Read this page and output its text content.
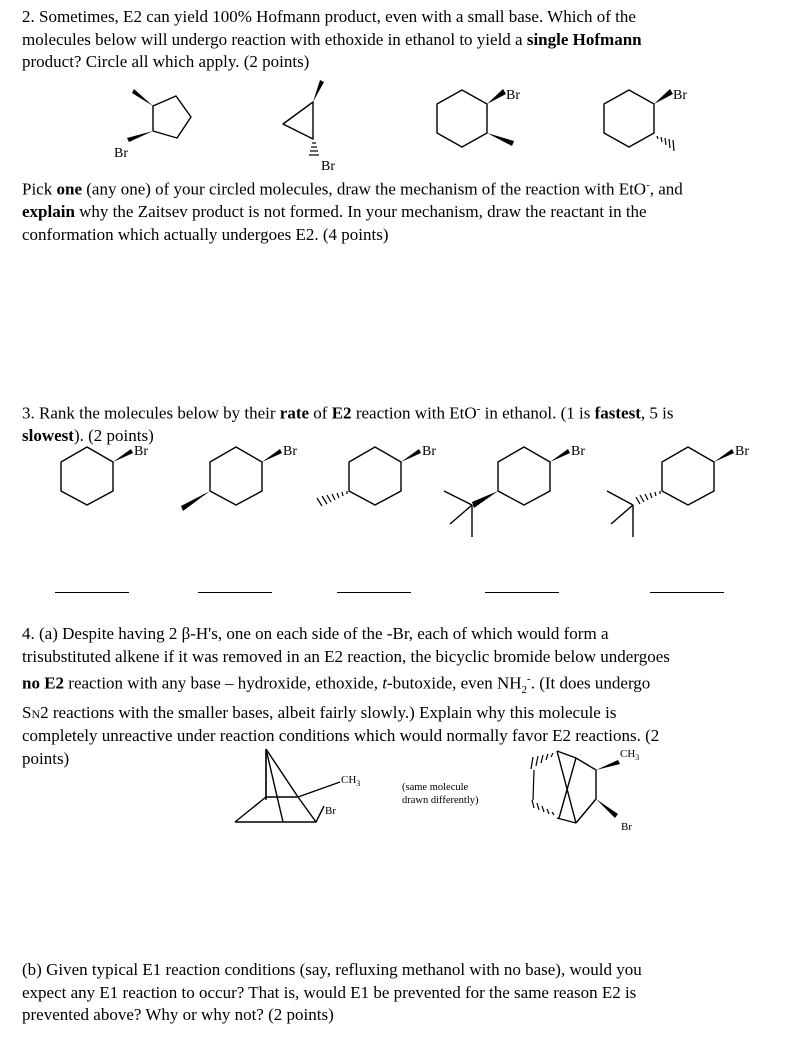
2. Sometimes, E2 can yield 100% Hofmann product, even with a small base. Which of the
molecules below will undergo reaction with ethoxide in ethanol to yield a single Hofmann
product? Circle all which apply. (2 points)
Pick one (any one) of your circled molecules, draw the mechanism of the reaction with EtO-, and
explain why the Zaitsev product is not formed. In your mechanism, draw the reactant in the
conformation which actually undergoes E2. (4 points)
3. Rank the molecules below by their rate of E2 reaction with EtO- in ethanol. (1 is fastest, 5 is
slowest). (2 points)
4. (a) Despite having 2 β-H's, one on each side of the -Br, each of which would form a
trisubstituted alkene if it was removed in an E2 reaction, the bicyclic bromide below undergoes
no E2 reaction with any base – hydroxide, ethoxide, t-butoxide, even $NH_2^-$. (It does undergo
SN2 reactions with the smaller bases, albeit fairly slowly.) Explain why this molecule is
completely unreactive under reaction conditions which would normally favor E2 reactions. (2
points)
(b) Given typical E1 reaction conditions (say, refluxing methanol with no base), would you
expect any E1 reaction to occur? That is, would E1 be prevented for the same reason E2 is
prevented above? Why or why not? (2 points)
Br
Br
Br	Br
Br	Br	Br	Br	Br
Br
Br
$CH_3$
$CH_3$
(same molecule
drawn differently)
